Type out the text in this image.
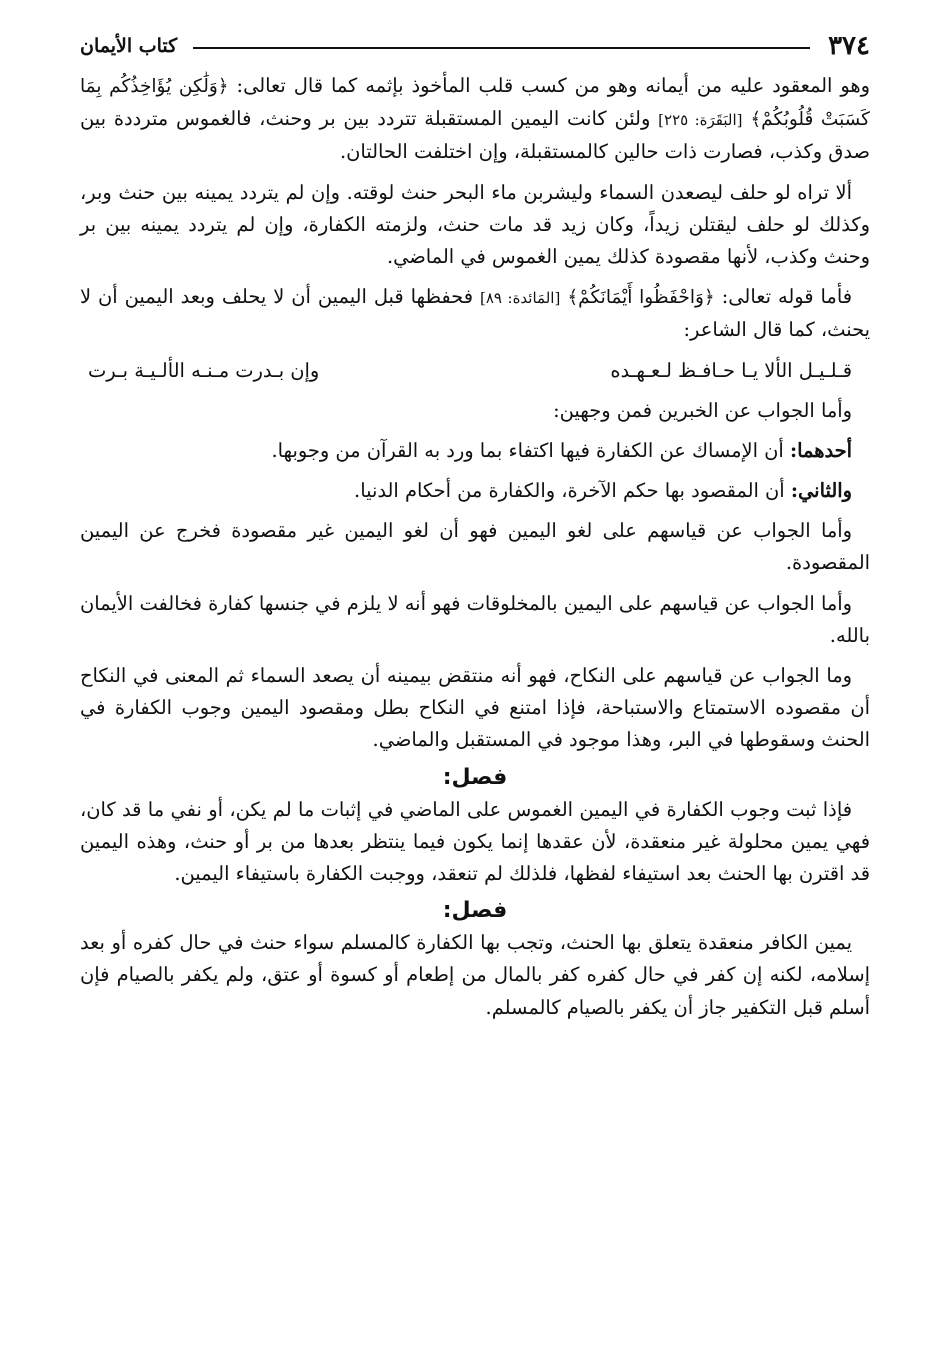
٣٧٤
كتاب الأيمان

وهو المعقود عليه من أيمانه وهو من كسب قلب المأخوذ بإثمه كما قال تعالى: ﴿وَلَٰكِن يُؤَاخِذُكُم بِمَا كَسَبَتْ قُلُوبُكُمْ﴾ [البَقَرَة: ٢٢٥] ولئن كانت اليمين المستقبلة تتردد بين بر وحنث، فالغموس مترددة بين صدق وكذب، فصارت ذات حالين كالمستقبلة، وإن اختلفت الحالتان.

ألا تراه لو حلف ليصعدن السماء وليشربن ماء البحر حنث لوقته. وإن لم يتردد يمينه بين حنث وبر، وكذلك لو حلف ليقتلن زيداً، وكان زيد قد مات حنث، ولزمته الكفارة، وإن لم يتردد يمينه بين بر وحنث وكذب، لأنها مقصودة كذلك يمين الغموس في الماضي.

فأما قوله تعالى: ﴿وَاحْفَظُوا أَيْمَانَكُمْ﴾ [المَائدة: ٨٩] فحفظها قبل اليمين أن لا يحلف وبعد اليمين أن لا يحنث، كما قال الشاعر:

قـلـيـل الألا يـا حـافـظ لـعـهـده
وإن بـدرت مـنـه الألـيـة بـرت

وأما الجواب عن الخبرين فمن وجهين:

أحدهما: أن الإمساك عن الكفارة فيها اكتفاء بما ورد به القرآن من وجوبها.

والثاني: أن المقصود بها حكم الآخرة، والكفارة من أحكام الدنيا.

وأما الجواب عن قياسهم على لغو اليمين فهو أن لغو اليمين غير مقصودة فخرج عن اليمين المقصودة.

وأما الجواب عن قياسهم على اليمين بالمخلوقات فهو أنه لا يلزم في جنسها كفارة فخالفت الأيمان بالله.

وما الجواب عن قياسهم على النكاح، فهو أنه منتقض بيمينه أن يصعد السماء ثم المعنى في النكاح أن مقصوده الاستمتاع والاستباحة، فإذا امتنع في النكاح بطل ومقصود اليمين وجوب الكفارة في الحنث وسقوطها في البر، وهذا موجود في المستقبل والماضي.

فصل:

فإذا ثبت وجوب الكفارة في اليمين الغموس على الماضي في إثبات ما لم يكن، أو نفي ما قد كان، فهي يمين محلولة غير منعقدة، لأن عقدها إنما يكون فيما ينتظر بعدها من بر أو حنث، وهذه اليمين قد اقترن بها الحنث بعد استيفاء لفظها، فلذلك لم تنعقد، ووجبت الكفارة باستيفاء اليمين.

فصل:

يمين الكافر منعقدة يتعلق بها الحنث، وتجب بها الكفارة كالمسلم سواء حنث في حال كفره أو بعد إسلامه، لكنه إن كفر في حال كفره كفر بالمال من إطعام أو كسوة أو عتق، ولم يكفر بالصيام فإن أسلم قبل التكفير جاز أن يكفر بالصيام كالمسلم.
